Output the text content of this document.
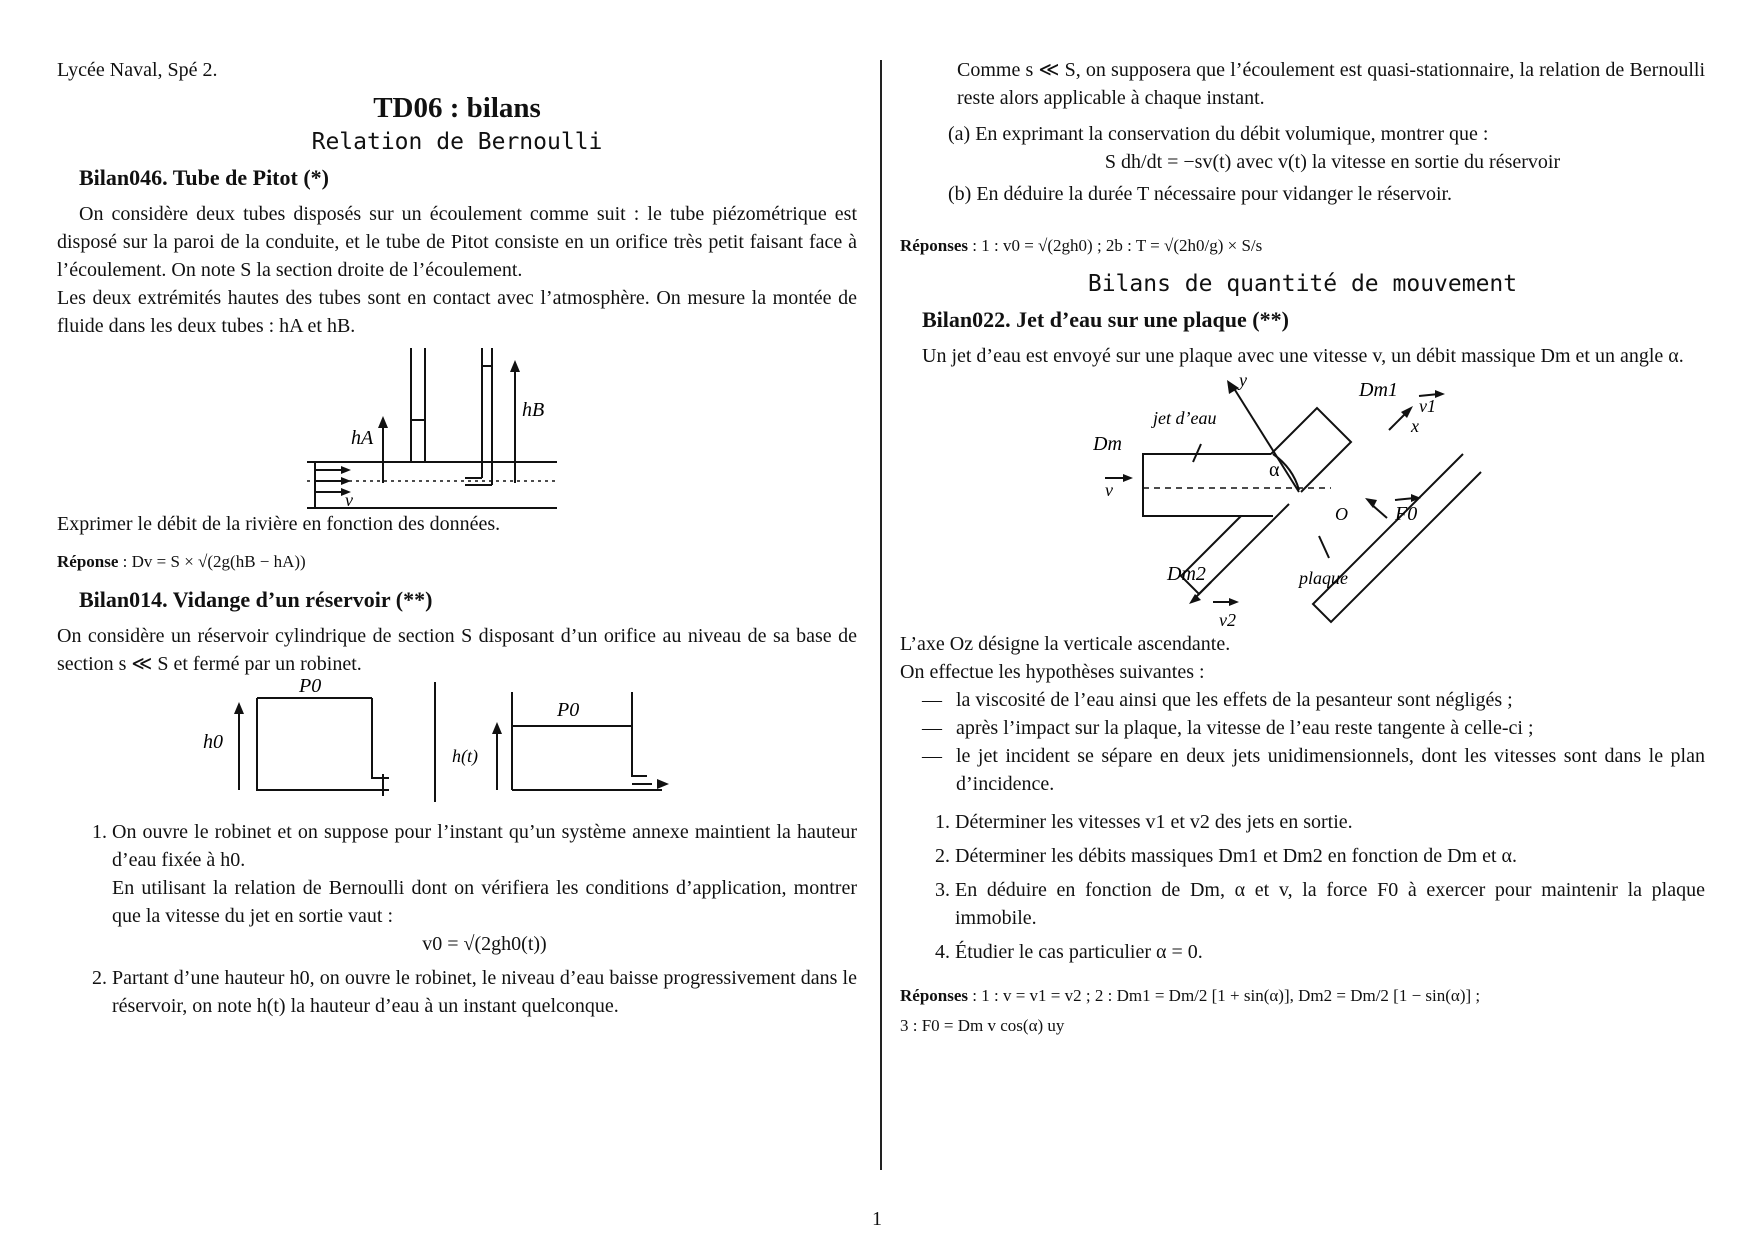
Lycée Naval, Spé 2.
TD06 : bilans
Relation de Bernoulli
Bilan046. Tube de Pitot (*)

On considère deux tubes disposés sur un écoulement comme suit : le tube piézométrique est disposé sur la paroi de la conduite, et le tube de Pitot consiste en un orifice très petit faisant face à l’écoulement. On note S la section droite de l’écoulement.

Les deux extrémités hautes des tubes sont en contact avec l’atmosphère. On mesure la montée de fluide dans les deux tubes : hA et hB.

hA
hB
v

Exprimer le débit de la rivière en fonction des données.

Réponse : Dv = S × √(2g(hB − hA))
Bilan014. Vidange d’un réservoir (**)

On considère un réservoir cylindrique de section S disposant d’un orifice au niveau de sa base de section s ≪ S et fermé par un robinet.

P0
h0
P0
h(t)
1. On ouvre le robinet et on suppose pour l’instant qu’un système annexe maintient la hauteur d’eau fixée à h0.
En utilisant la relation de Bernoulli dont on vérifiera les conditions d’application, montrer que la vitesse du jet en sortie vaut :
v0 = √(2gh0(t))
2. Partant d’une hauteur h0, on ouvre le robinet, le niveau d’eau baisse progressivement dans le réservoir, on note h(t) la hauteur d’eau à un instant quelconque.

Comme s ≪ S, on supposera que l’écoulement est quasi-stationnaire, la relation de Bernoulli reste alors applicable à chaque instant.

(a) En exprimant la conservation du débit volumique, montrer que :
S dh/dt = −sv(t) avec v(t) la vitesse en sortie du réservoir
(b) En déduire la durée T nécessaire pour vidanger le réservoir.
Réponses : 1 : v0 = √(2gh0) ; 2b : T = √(2h0/g) × S/s
Bilans de quantité de mouvement
Bilan022. Jet d’eau sur une plaque (**)

Un jet d’eau est envoyé sur une plaque avec une vitesse v, un débit massique Dm et un angle α.

y
x
Dm1
v1
jet d’eau
Dm
v
O F0
Dm2
v2
plaque
α

L’axe Oz désigne la verticale ascendante.

On effectue les hypothèses suivantes :

— la viscosité de l’eau ainsi que les effets de la pesanteur sont négligés ;
— après l’impact sur la plaque, la vitesse de l’eau reste tangente à celle-ci ;
— le jet incident se sépare en deux jets unidimensionnels, dont les vitesses sont dans le plan d’incidence.
1. Déterminer les vitesses v1 et v2 des jets en sortie.
2. Déterminer les débits massiques Dm1 et Dm2 en fonction de Dm et α.
3. En déduire en fonction de Dm, α et v, la force F0 à exercer pour maintenir la plaque immobile.
4. Étudier le cas particulier α = 0.
Réponses : 1 : v = v1 = v2 ; 2 : Dm1 = Dm/2 [1 + sin(α)], Dm2 = Dm/2 [1 − sin(α)] ;
3 : F0 = Dm v cos(α) uy
1
